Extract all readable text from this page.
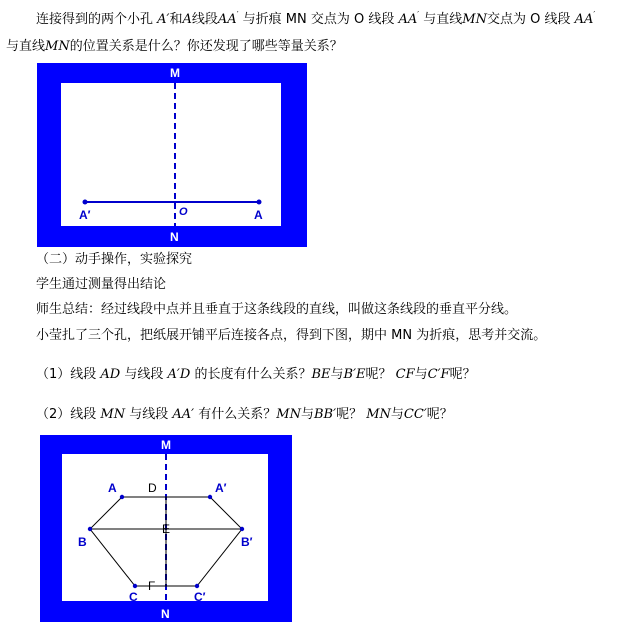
连接得到的两个小孔 A′和A线段AA′ 与折痕 MN 交点为 O 线段 AA′ 与直线MN交点为 O 线段 AA′
与直线MN的位置关系是什么？你还发现了哪些等量关系？
M
N
O
A′	A
（二）动手操作，实验探究
学生通过测量得出结论
师生总结：经过线段中点并且垂直于这条线段的直线，叫做这条线段的垂直平分线。
小莹扎了三个孔，把纸展开铺平后连接各点，得到下图，期中 MN 为折痕，思考并交流。
（1）线段 AD 与线段 A′D 的长度有什么关系？BE与B′E呢？ CF与C′F呢？
（2）线段 MN 与线段 AA′ 有什么关系？MN与BB′呢？ MN与CC′呢？
M
N
A	A′
B	B′
C	C′
D
E
F
